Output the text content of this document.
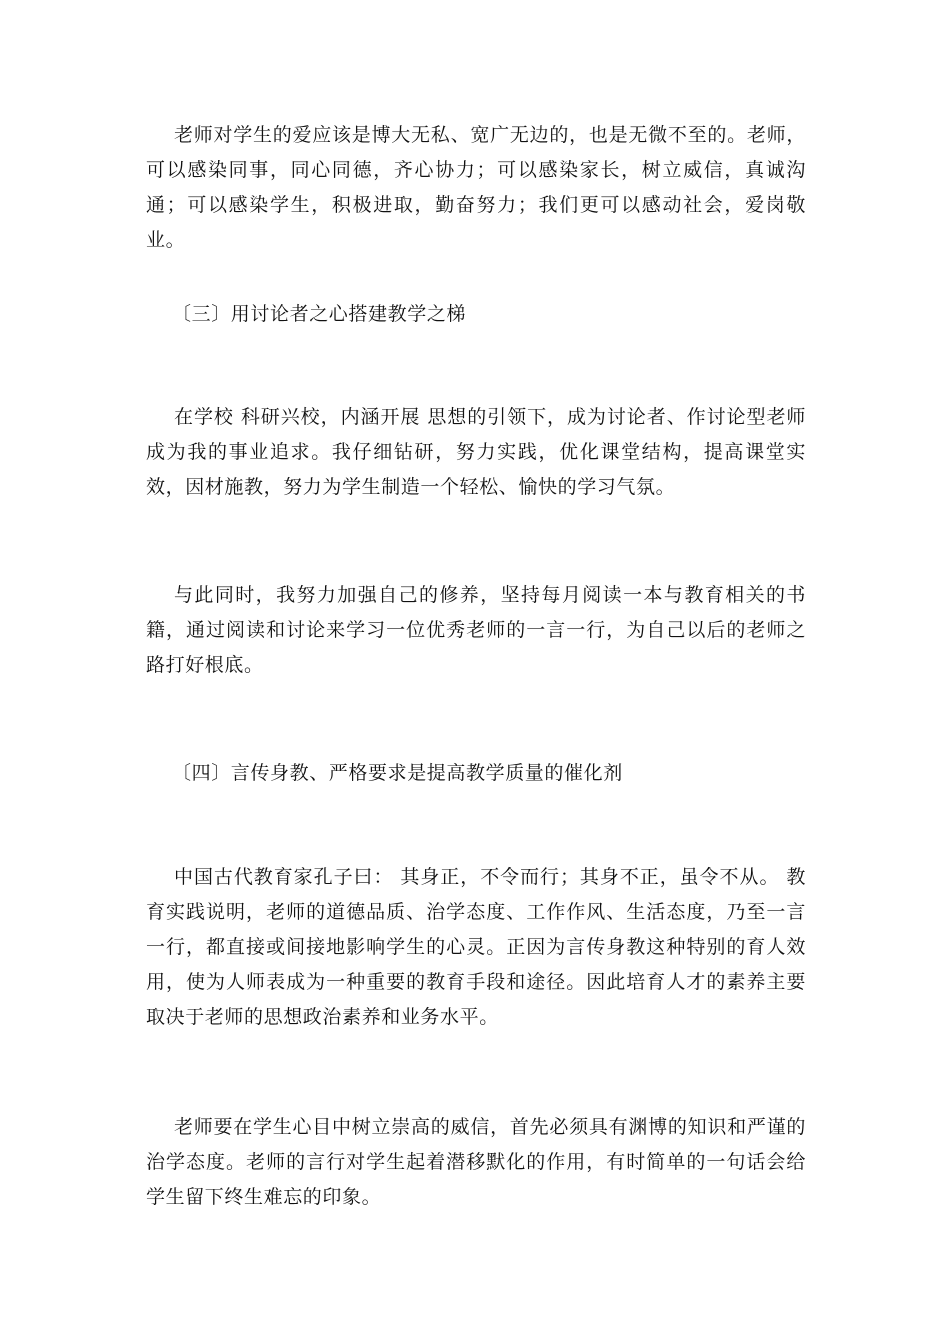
老师对学生的爱应该是博大无私、宽广无边的，也是无微不至的。老师，可以感染同事，同心同德，齐心协力；可以感染家长，树立威信，真诚沟通；可以感染学生，积极进取，勤奋努力；我们更可以感动社会，爱岗敬业。

〔三〕用讨论者之心搭建教学之梯

在学校 科研兴校，内涵开展 思想的引领下，成为讨论者、作讨论型老师成为我的事业追求。我仔细钻研，努力实践，优化课堂结构，提高课堂实效，因材施教，努力为学生制造一个轻松、愉快的学习气氛。

与此同时，我努力加强自己的修养，坚持每月阅读一本与教育相关的书籍，通过阅读和讨论来学习一位优秀老师的一言一行，为自己以后的老师之路打好根底。

〔四〕言传身教、严格要求是提高教学质量的催化剂

中国古代教育家孔子曰： 其身正，不令而行；其身不正，虽令不从。 教育实践说明，老师的道德品质、治学态度、工作作风、生活态度，乃至一言一行，都直接或间接地影响学生的心灵。正因为言传身教这种特别的育人效用，使为人师表成为一种重要的教育手段和途径。因此培育人才的素养主要取决于老师的思想政治素养和业务水平。

老师要在学生心目中树立崇高的威信，首先必须具有渊博的知识和严谨的治学态度。老师的言行对学生起着潜移默化的作用，有时简单的一句话会给学生留下终生难忘的印象。
